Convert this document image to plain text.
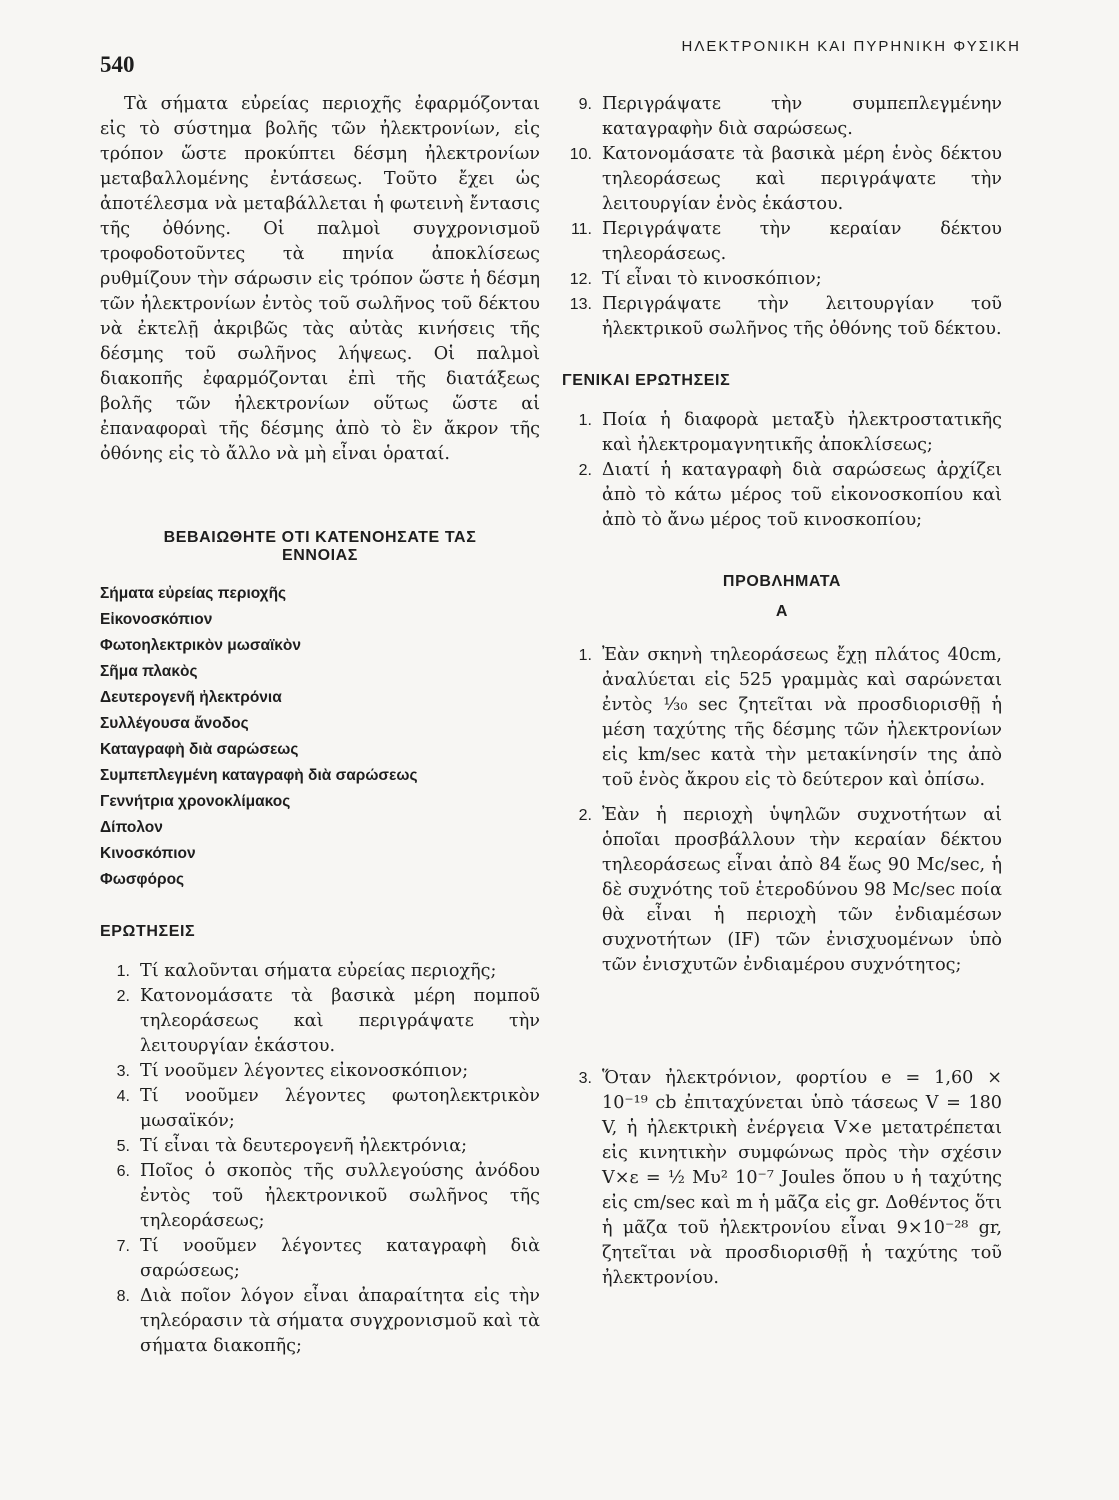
540
ΗΛΕΚΤΡΟΝΙΚΗ ΚΑΙ ΠΥΡΗΝΙΚΗ ΦΥΣΙΚΗ

Τὰ σήματα εὐρείας περιοχῆς ἐφαρμόζονται εἰς τὸ σύστημα βολῆς τῶν ἠλεκτρονίων, εἰς τρόπον ὥστε προκύπτει δέσμη ἠλεκτρονίων μεταβαλλομένης ἐντάσεως. Τοῦτο ἔχει ὡς ἀποτέλεσμα νὰ μεταβάλλεται ἡ φωτεινὴ ἔντασις τῆς ὀθόνης. Οἱ παλμοὶ συγχρονισμοῦ τροφοδοτοῦντες τὰ πηνία ἀποκλίσεως ρυθμίζουν τὴν σάρωσιν εἰς τρόπον ὥστε ἡ δέσμη τῶν ἠλεκτρονίων ἐντὸς τοῦ σωλῆνος τοῦ δέκτου νὰ ἐκτελῇ ἀκριβῶς τὰς αὐτὰς κινήσεις τῆς δέσμης τοῦ σωλῆνος λήψεως. Οἱ παλμοὶ διακοπῆς ἐφαρμόζονται ἐπὶ τῆς διατάξεως βολῆς τῶν ἠλεκτρονίων οὕτως ὥστε αἱ ἐπαναφοραὶ τῆς δέσμης ἀπὸ τὸ ἓν ἄκρον τῆς ὀθόνης εἰς τὸ ἄλλο νὰ μὴ εἶναι ὁραταί.

ΒΕΒΑΙΩΘΗΤΕ ΟΤΙ ΚΑΤΕΝΟΗΣΑΤΕ ΤΑΣ
ΕΝΝΟΙΑΣ

Σήματα εὐρείας περιοχῆς
Εἰκονοσκόπιον
Φωτοηλεκτρικὸν μωσαϊκὸν
Σῆμα πλακὸς
Δευτερογενῆ ἠλεκτρόνια
Συλλέγουσα ἄνοδος
Καταγραφὴ διὰ σαρώσεως
Συμπεπλεγμένη καταγραφὴ διὰ σαρώσεως
Γεννήτρια χρονοκλίμακος
Δίπολον
Κινοσκόπιον
Φωσφόρος

ΕΡΩΤΗΣΕΙΣ

1. Τί καλοῦνται σήματα εὐρείας περιοχῆς;
2. Κατονομάσατε τὰ βασικὰ μέρη πομποῦ τηλεοράσεως καὶ περιγράψατε τὴν λειτουργίαν ἑκάστου.
3. Τί νοοῦμεν λέγοντες εἰκονοσκόπιον;
4. Τί νοοῦμεν λέγοντες φωτοηλεκτρικὸν μωσαϊκόν;
5. Τί εἶναι τὰ δευτερογενῆ ἠλεκτρόνια;
6. Ποῖος ὁ σκοπὸς τῆς συλλεγούσης ἀνόδου ἐντὸς τοῦ ἠλεκτρονικοῦ σωλῆνος τῆς τηλεοράσεως;
7. Τί νοοῦμεν λέγοντες καταγραφὴ διὰ σαρώσεως;
8. Διὰ ποῖον λόγον εἶναι ἀπαραίτητα εἰς τὴν τηλεόρασιν τὰ σήματα συγχρονισμοῦ καὶ τὰ σήματα διακοπῆς;
9. Περιγράψατε τὴν συμπεπλεγμένην καταγραφὴν διὰ σαρώσεως.
10. Κατονομάσατε τὰ βασικὰ μέρη ἑνὸς δέκτου τηλεοράσεως καὶ περιγράψατε τὴν λειτουργίαν ἑνὸς ἑκάστου.
11. Περιγράψατε τὴν κεραίαν δέκτου τηλεοράσεως.
12. Τί εἶναι τὸ κινοσκόπιον;
13. Περιγράψατε τὴν λειτουργίαν τοῦ ἠλεκτρικοῦ σωλῆνος τῆς ὀθόνης τοῦ δέκτου.

ΓΕΝΙΚΑΙ ΕΡΩΤΗΣΕΙΣ

1. Ποία ἡ διαφορὰ μεταξὺ ἠλεκτροστατικῆς καὶ ἠλεκτρομαγνητικῆς ἀποκλίσεως;
2. Διατί ἡ καταγραφὴ διὰ σαρώσεως ἀρχίζει ἀπὸ τὸ κάτω μέρος τοῦ εἰκονοσκοπίου καὶ ἀπὸ τὸ ἄνω μέρος τοῦ κινοσκοπίου;

ΠΡΟΒΛΗΜΑΤΑ

Α

1. Ἐὰν σκηνὴ τηλεοράσεως ἔχῃ πλάτος 40cm, ἀναλύεται εἰς 525 γραμμὰς καὶ σαρώνεται ἐντὸς ¹⁄₃₀ sec ζητεῖται νὰ προσδιορισθῇ ἡ μέση ταχύτης τῆς δέσμης τῶν ἠλεκτρονίων εἰς km/sec κατὰ τὴν μετακίνησίν της ἀπὸ τοῦ ἑνὸς ἄκρου εἰς τὸ δεύτερον καὶ ὀπίσω.
2. Ἐὰν ἡ περιοχὴ ὑψηλῶν συχνοτήτων αἱ ὁποῖαι προσβάλλουν τὴν κεραίαν δέκτου τηλεοράσεως εἶναι ἀπὸ 84 ἕως 90 Mc/sec, ἡ δὲ συχνότης τοῦ ἑτεροδύνου 98 Mc/sec ποία θὰ εἶναι ἡ περιοχὴ τῶν ἐνδιαμέσων συχνοτήτων (IF) τῶν ἐνισχυομένων ὑπὸ τῶν ἐνισχυτῶν ἐνδιαμέρου συχνότητος;
3. Ὅταν ἠλεκτρόνιον, φορτίου e = 1,60 × 10⁻¹⁹ cb ἐπιταχύνεται ὑπὸ τάσεως V = 180 V, ἡ ἠλεκτρικὴ ἐνέργεια V×e μετατρέπεται εἰς κινητικὴν συμφώνως πρὸς τὴν σχέσιν V×ε = ½ Mυ² 10⁻⁷ Joules ὅπου υ ἡ ταχύτης εἰς cm/sec καὶ m ἡ μᾶζα εἰς gr. Δοθέντος ὅτι ἡ μᾶζα τοῦ ἠλεκτρονίου εἶναι 9×10⁻²⁸ gr, ζητεῖται νὰ προσδιορισθῇ ἡ ταχύτης τοῦ ἠλεκτρονίου.
